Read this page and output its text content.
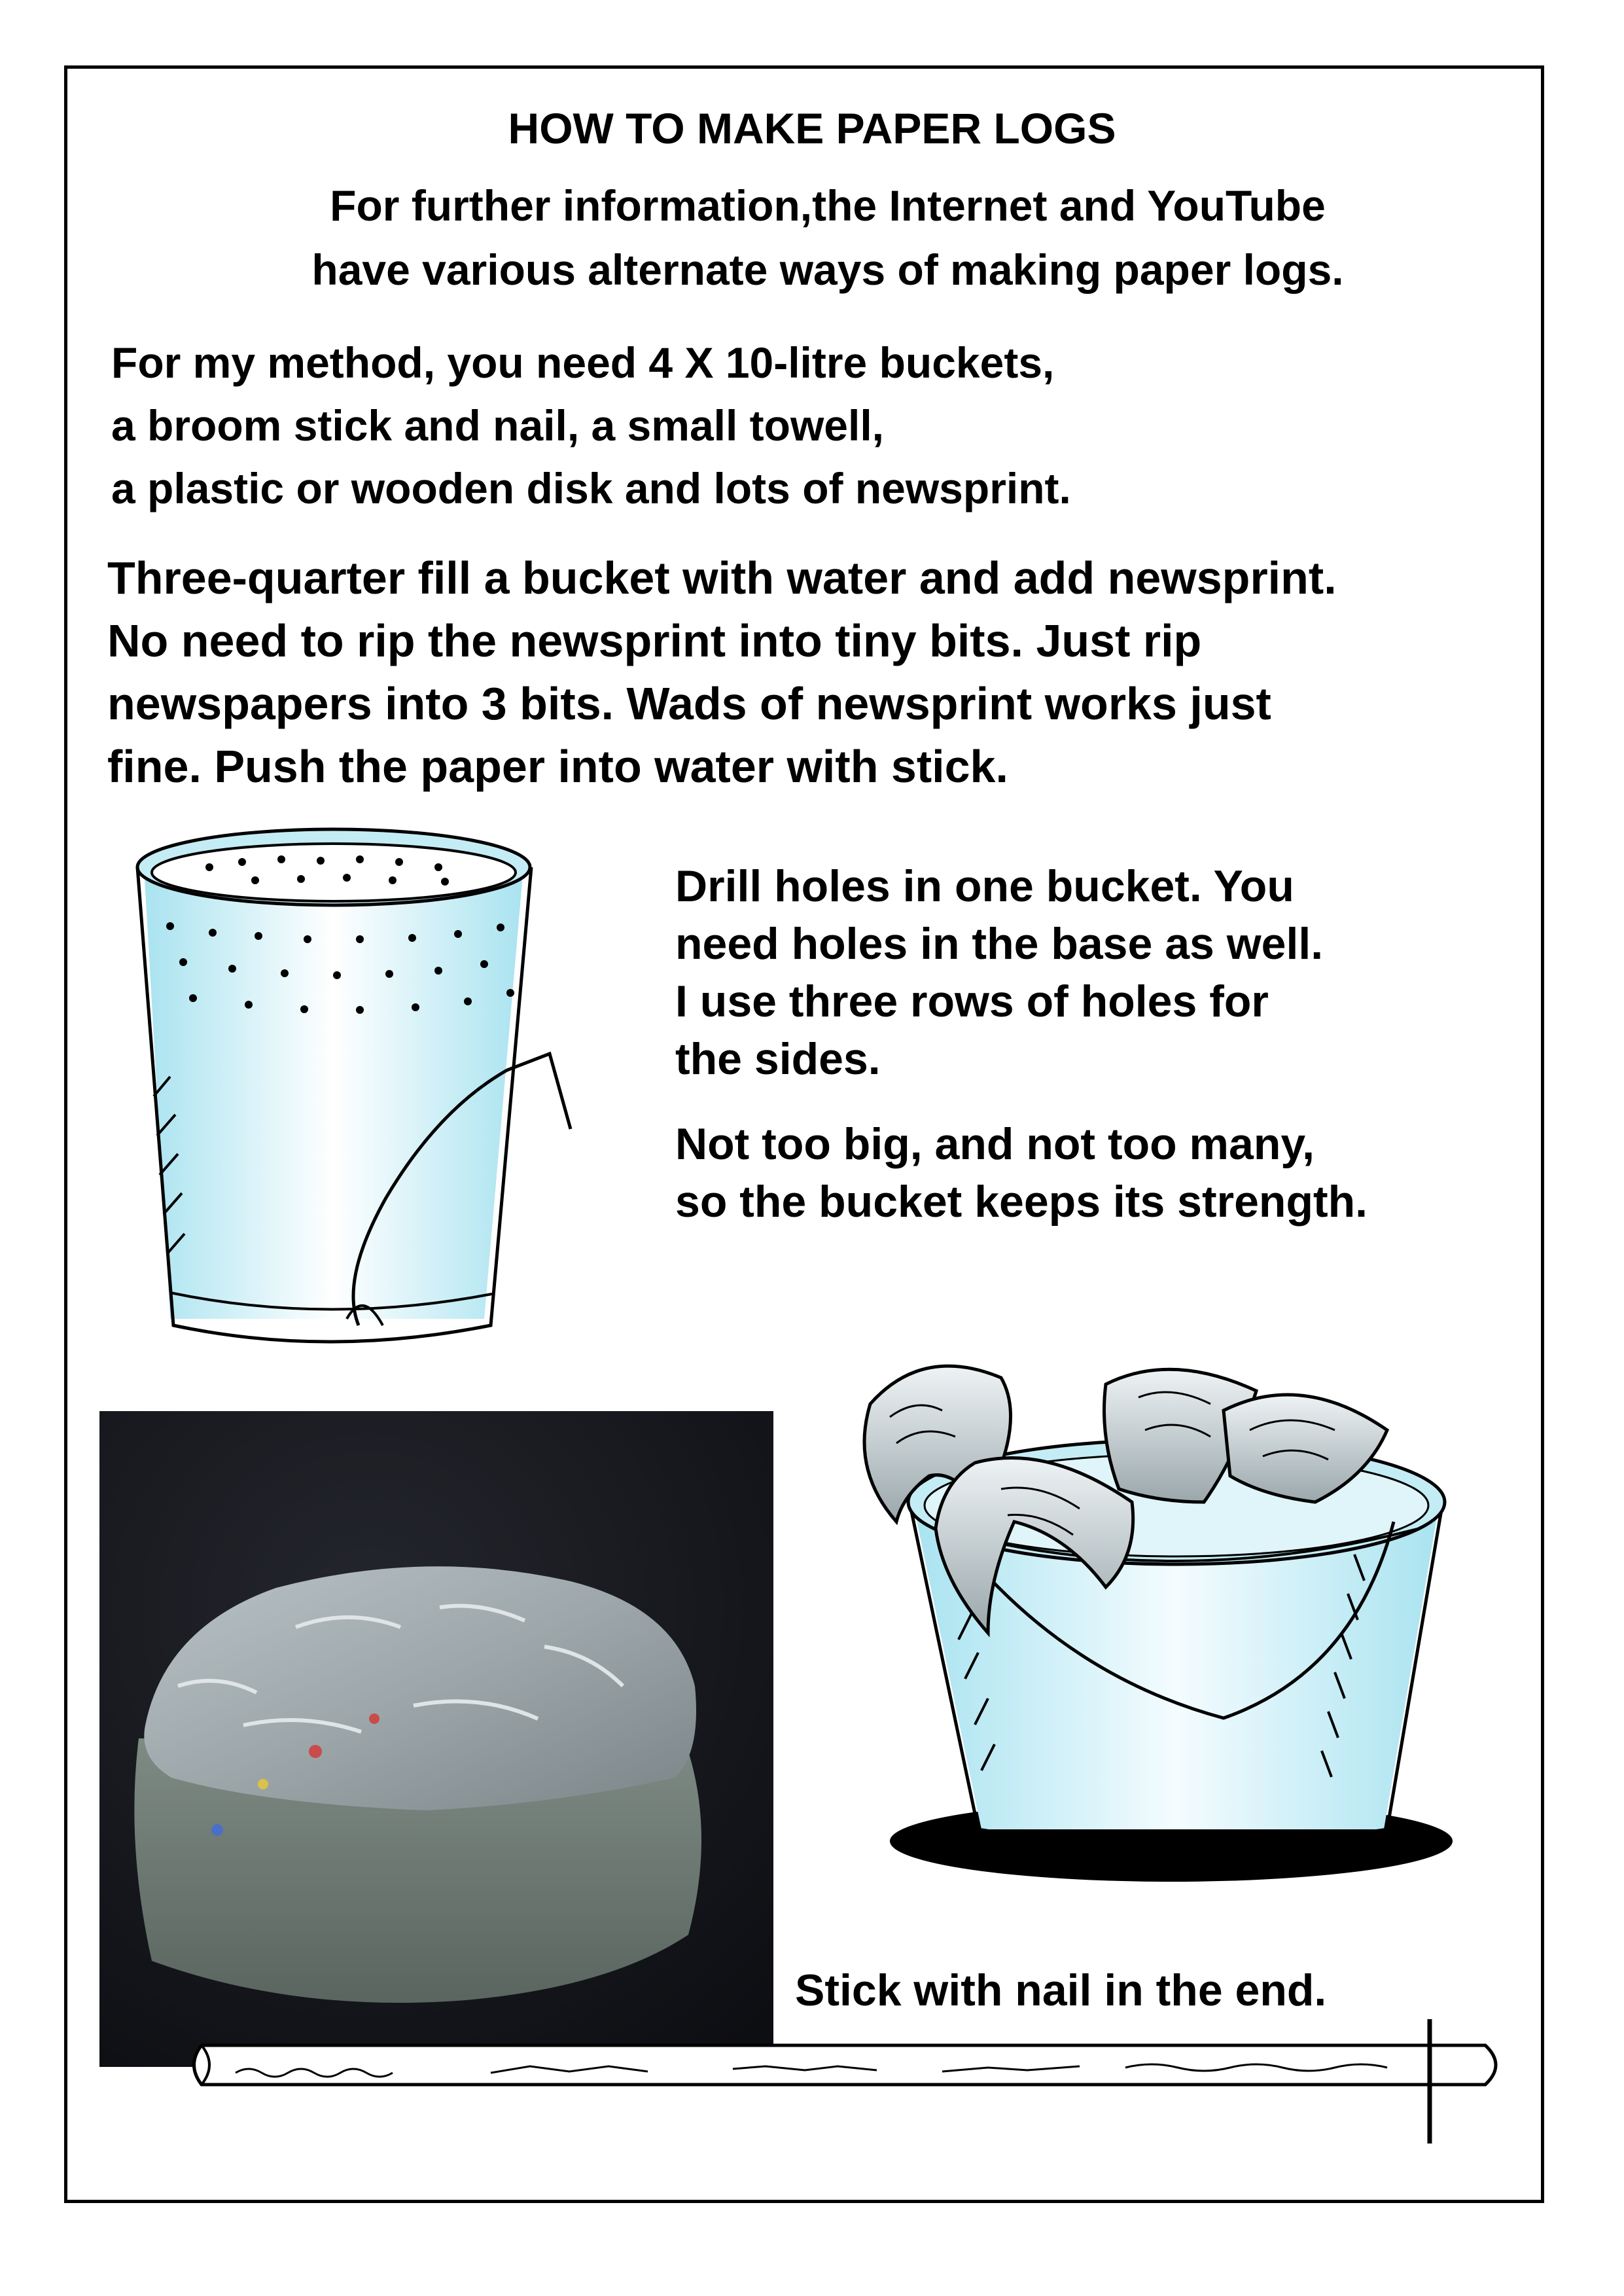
HOW TO MAKE PAPER LOGS
For further information,the Internet and YouTube
have various alternate ways of making paper logs.
For my method, you need 4 X 10-litre buckets,
a broom stick and nail, a small towell,
a plastic or wooden disk and lots of newsprint.
Three-quarter fill a bucket with water and add newsprint.
No need to rip the newsprint into tiny bits. Just rip
newspapers into 3 bits. Wads of newsprint works just
fine. Push the paper into water with stick.
Drill holes in one bucket. You
need holes in the base as well.
I use three rows of holes for
the sides.
Not too big, and not too many,
so the bucket keeps its strength.
Stick with nail in the end.
